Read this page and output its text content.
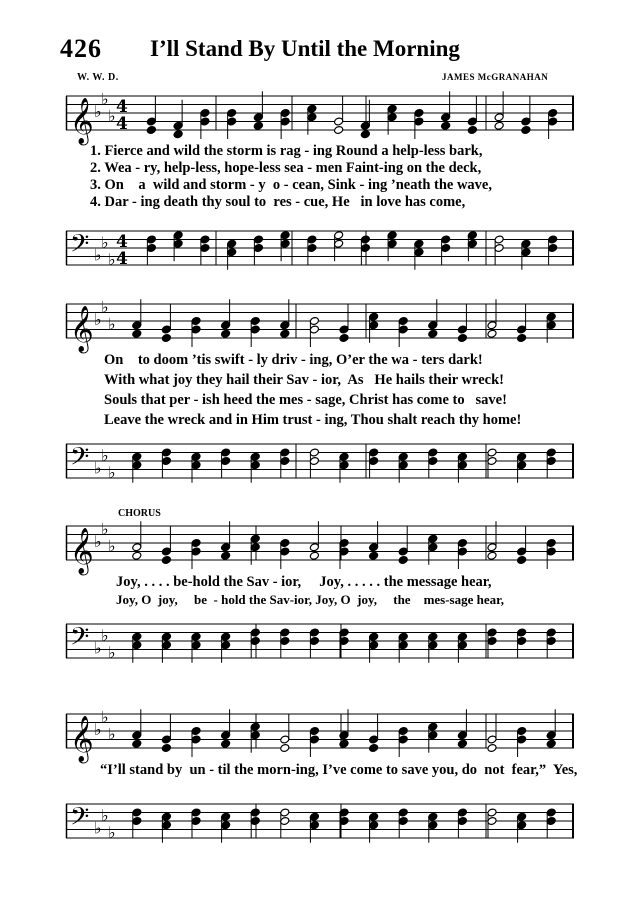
426 I’ll Stand By Until the Morning
W. W. D.	JAMES McGRANAHAN
𝄞 ♭
♭
♭ 4
4
1. Fierce and wild the storm is rag - ing Round a help-less bark,
2. Wea - ry, help-less, hope-less sea - men Faint-ing on the deck,
3. On    a  wild and storm - y  o - cean, Sink - ing ’neath the wave,
4. Dar - ing death thy soul to  res - cue, He   in love has come,
𝄢 ♭
♭
♭
4
4
𝄞 ♭
♭
♭
On    to doom ’tis swift - ly driv - ing, O’er the wa - ters dark!
With what joy they hail their Sav - ior,  As   He hails their wreck!
Souls that per - ish heed the mes - sage, Christ has come to   save!
Leave the wreck and in Him trust - ing, Thou shalt reach thy home!
𝄢 ♭
♭
♭
CHORUS
𝄞 ♭
♭
♭
Joy, . . . . be-hold the Sav - ior,     Joy, . . . . . the message hear,
Joy, O  joy,     be  - hold the Sav-ior, Joy, O  joy,     the    mes-sage hear,
𝄢 ♭
♭
♭
𝄞 ♭
♭
♭
“I’ll stand by  un - til the morn-ing, I’ve come to save you, do  not  fear,”  Yes,
𝄢 ♭
♭
♭
